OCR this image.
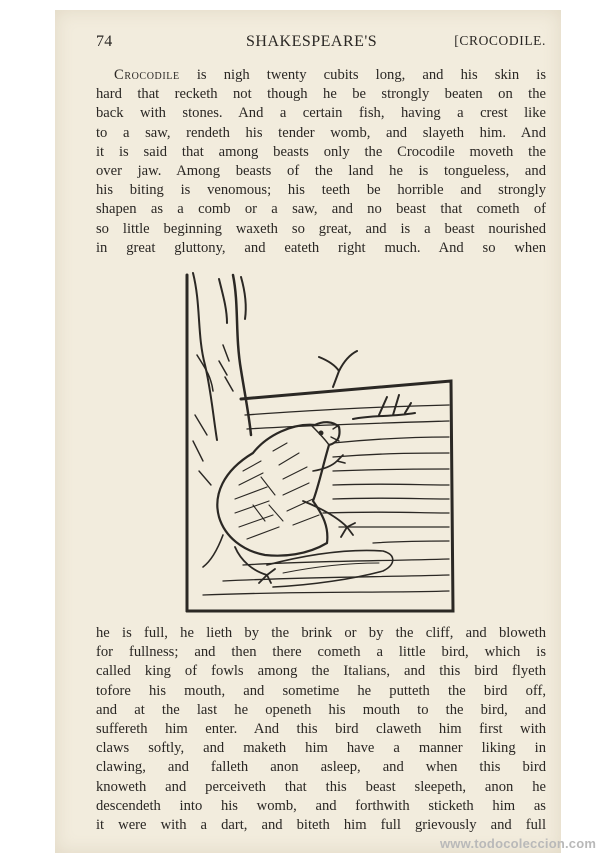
74	SHAKESPEARE'S	[CROCODILE.
Crocodile is nigh twenty cubits long, and his skin is
hard that recketh not though he be strongly beaten on the
back with stones. And a certain fish, having a crest like
to a saw, rendeth his tender womb, and slayeth him. And
it is said that among beasts only the Crocodile moveth the
over jaw. Among beasts of the land he is tongueless, and
his biting is venomous; his teeth be horrible and strongly
shapen as a comb or a saw, and no beast that cometh of
so little beginning waxeth so great, and is a beast nourished
in great gluttony, and eateth right much. And so when
he is full, he lieth by the brink or by the cliff, and bloweth
for fullness; and then there cometh a little bird, which is
called king of fowls among the Italians, and this bird flyeth
tofore his mouth, and sometime he putteth the bird off,
and at the last he openeth his mouth to the bird, and
suffereth him enter. And this bird claweth him first with
claws softly, and maketh him have a manner liking in
clawing, and falleth anon asleep, and when this bird
knoweth and perceiveth that this beast sleepeth, anon he
descendeth into his womb, and forthwith sticketh him as
it were with a dart, and biteth him full grievously and full
www.todocoleccion.com
